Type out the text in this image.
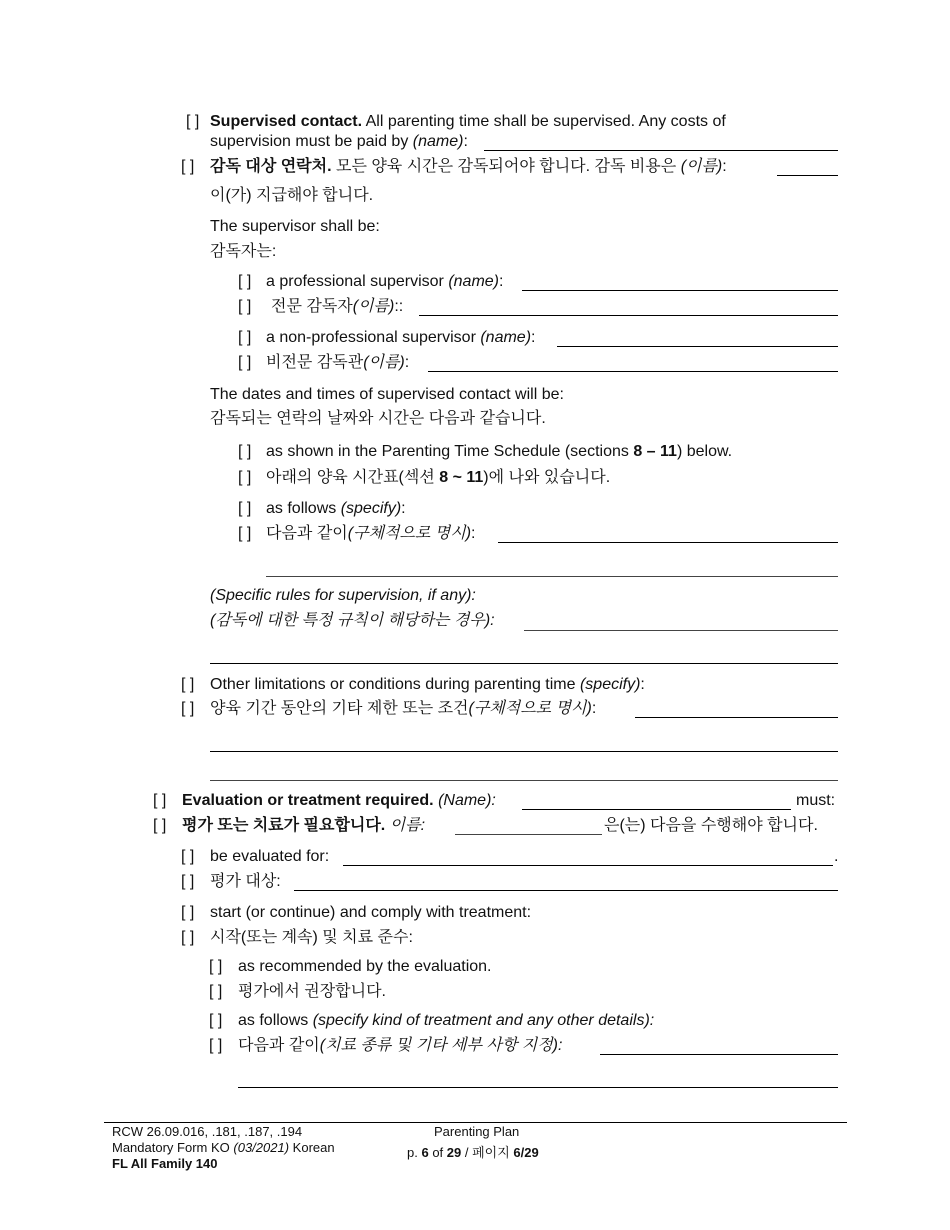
[ ] Supervised contact. All parenting time shall be supervised. Any costs of
supervision must be paid by (name):
[ ] 감독 대상 연락처. 모든 양육 시간은 감독되어야 합니다. 감독 비용은 (이름):
이(가) 지급해야 합니다.
The supervisor shall be:
감독자는:
[ ] a professional supervisor (name):
[ ] 전문 감독자(이름)::
[ ] a non-professional supervisor (name):
[ ] 비전문 감독관(이름):
The dates and times of supervised contact will be:
감독되는 연락의 날짜와 시간은 다음과 같습니다.
[ ] as shown in the Parenting Time Schedule (sections 8 – 11) below.
[ ] 아래의 양육 시간표(섹션 8 ~ 11)에 나와 있습니다.
[ ] as follows (specify):
[ ] 다음과 같이(구체적으로 명시):
(Specific rules for supervision, if any):
(감독에 대한 특정 규칙이 해당하는 경우):
[ ] Other limitations or conditions during parenting time (specify):
[ ] 양육 기간 동안의 기타 제한 또는 조건(구체적으로 명시):
[ ] Evaluation or treatment required. (Name):	must:
[ ] 평가 또는 치료가 필요합니다. 이름:	은(는) 다음을 수행해야 합니다.
[ ] be evaluated for:	.
[ ] 평가 대상:
[ ] start (or continue) and comply with treatment:
[ ] 시작(또는 계속) 및 치료 준수:
[ ] as recommended by the evaluation.
[ ] 평가에서 권장합니다.
[ ] as follows (specify kind of treatment and any other details):
[ ] 다음과 같이(치료 종류 및 기타 세부 사항 지정):
RCW 26.09.016, .181, .187, .194
Mandatory Form KO (03/2021) Korean
FL All Family 140
Parenting Plan
p. 6 of 29 / 페이지 6/29
